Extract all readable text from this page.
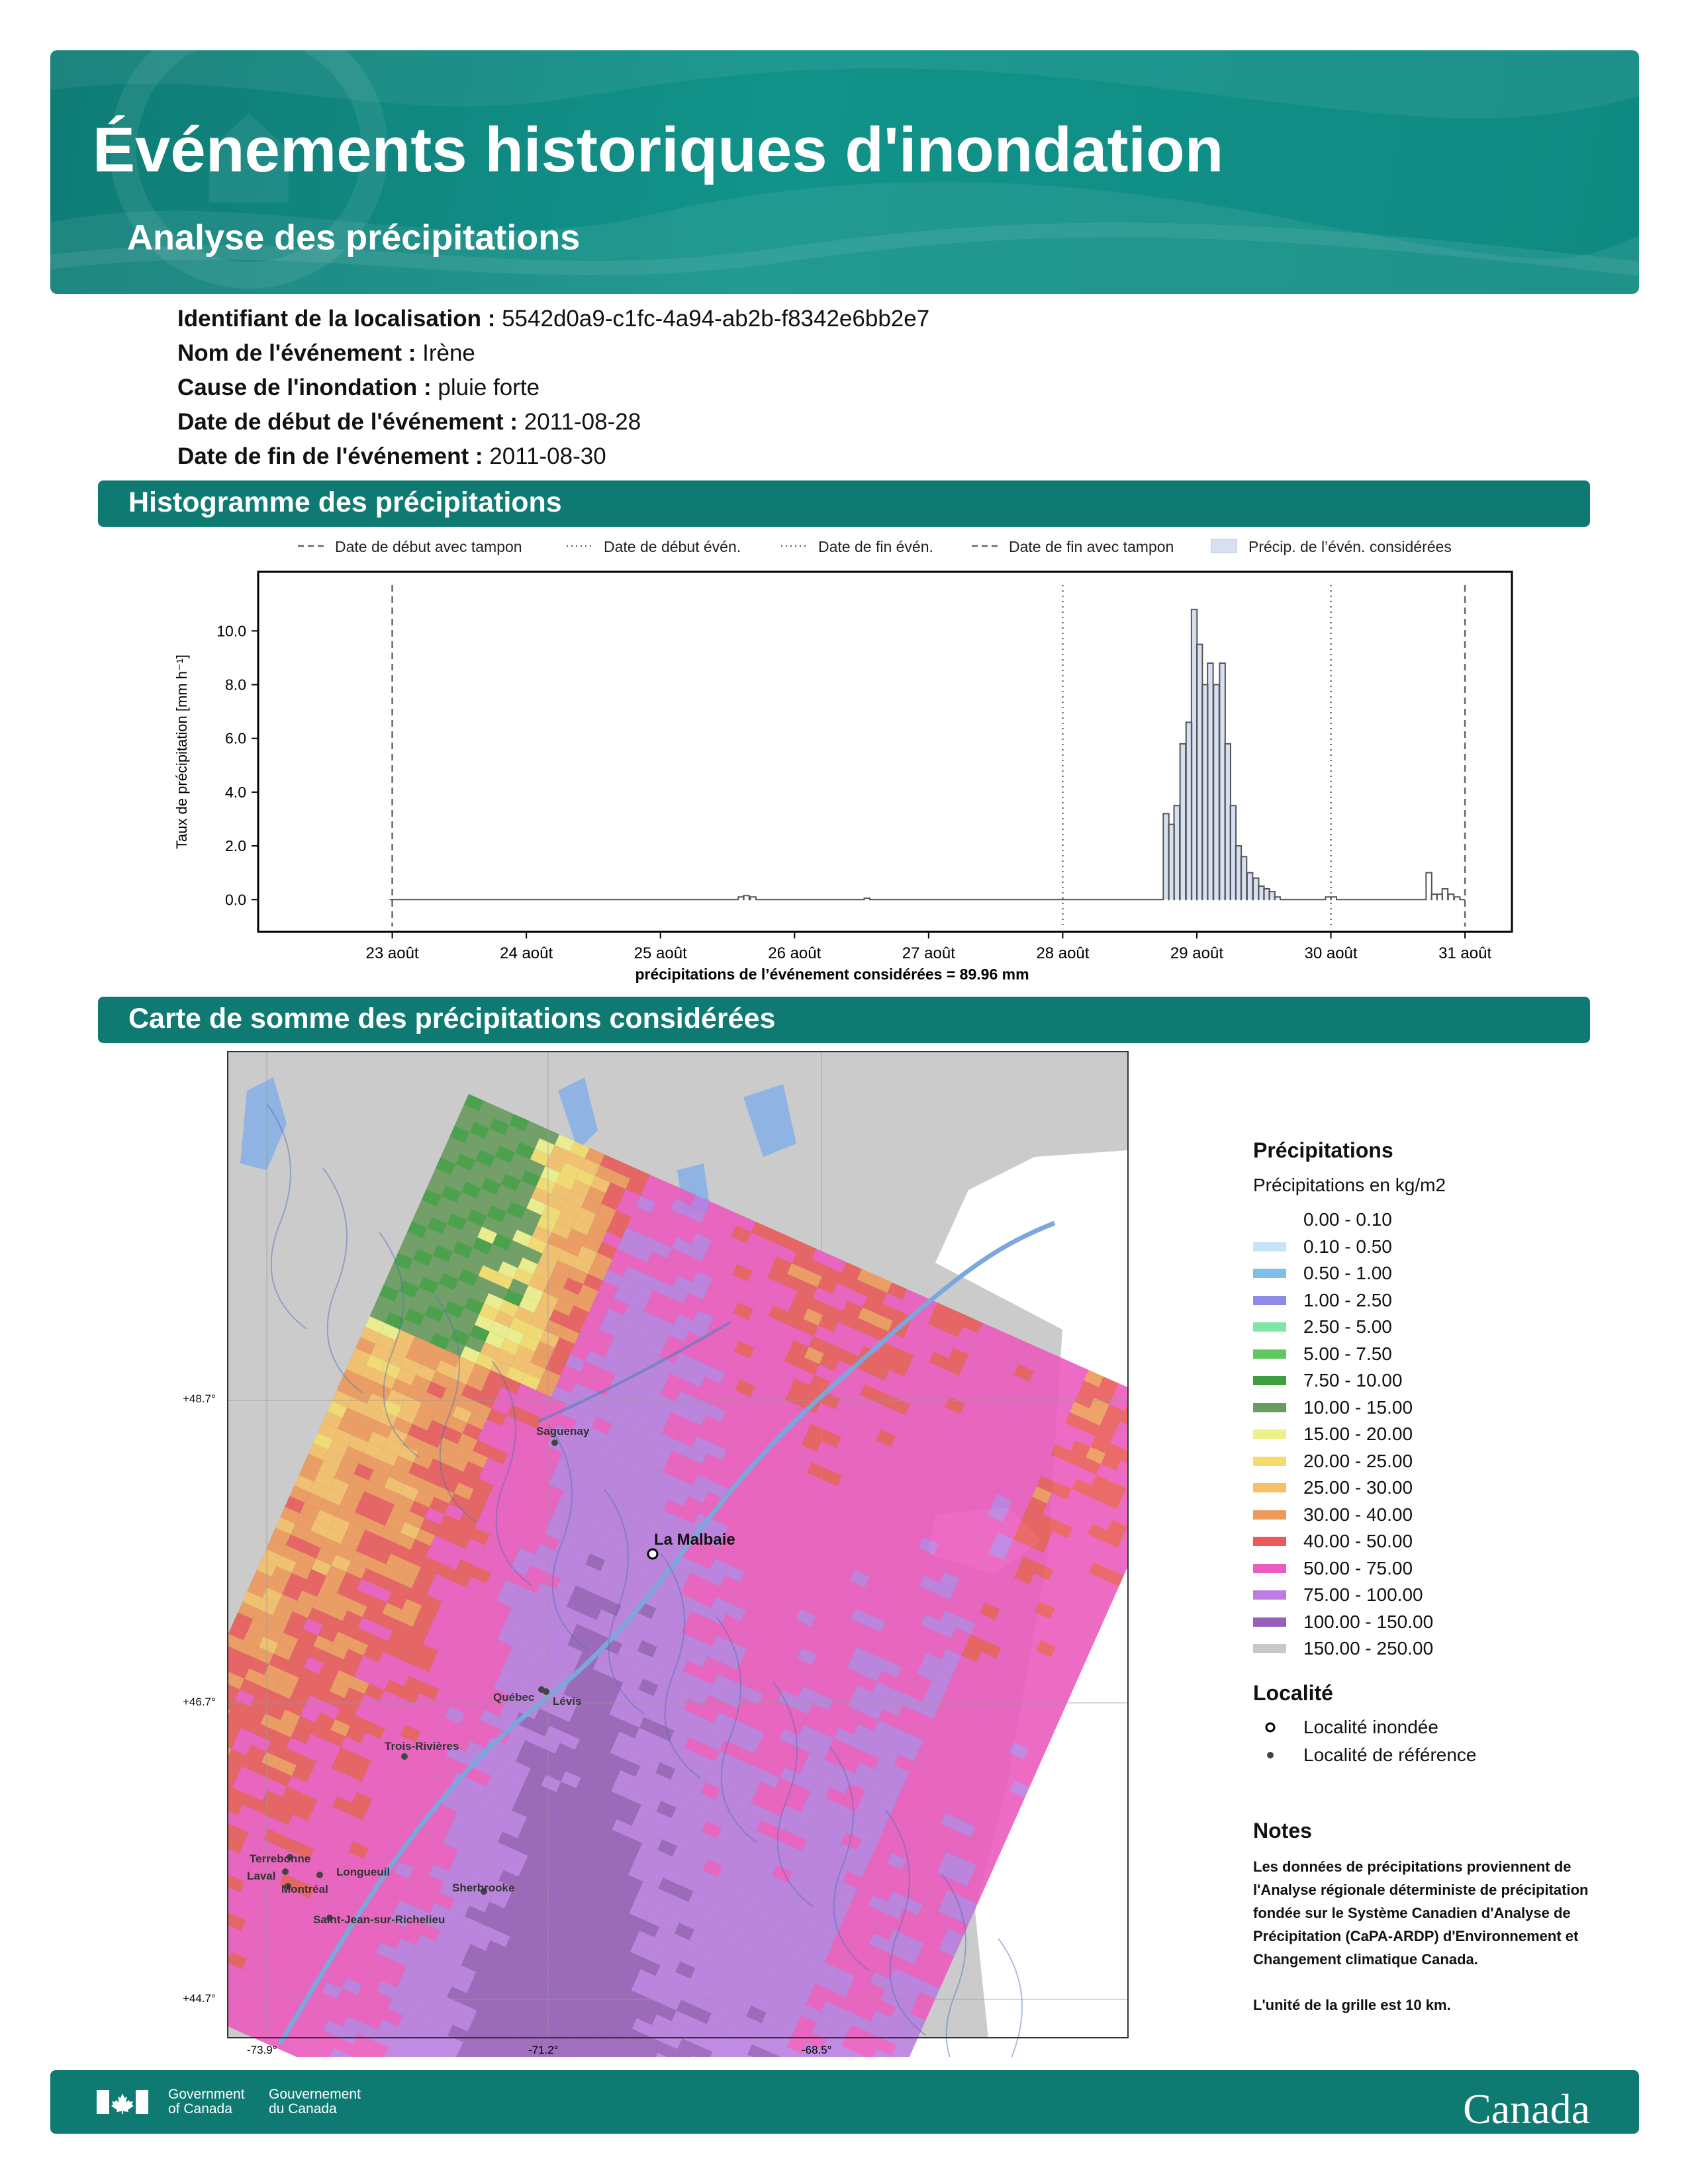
Événements historiques d'inondation
Analyse des précipitations
Identifiant de la localisation : 5542d0a9-c1fc-4a94-ab2b-f8342e6bb2e7
Nom de l'événement : Irène
Cause de l'inondation : pluie forte
Date de début de l'événement : 2011-08-28
Date de fin de l'événement : 2011-08-30
Histogramme des précipitations
Date de début avec tampon	Date de début évén.	Date de fin évén.	Date de fin avec tampon	Précip. de l’évén. considérées
23 août	24 août	25 août	26 août	27 août	28 août	29 août	30 août	31 août
0.0
2.0
4.0
6.0
8.0
10.0
Taux de précipitation [mm h⁻¹]
précipitations de l’événement considérées = 89.96 mm
Carte de somme des précipitations considérées
Saguenay
Québec Lévis
Trois-Rivières
Terrebonne
Laval
Montréal
Longueuil
Sherbrooke
Saint-Jean-sur-Richelieu
La Malbaie
-73.9°	-71.2°	-68.5°
Précipitations
Précipitations en kg/m2
0.00 - 0.10
0.10 - 0.50
0.50 - 1.00
1.00 - 2.50
2.50 - 5.00
5.00 - 7.50
7.50 - 10.00
10.00 - 15.00
15.00 - 20.00
20.00 - 25.00
25.00 - 30.00
30.00 - 40.00
40.00 - 50.00
50.00 - 75.00
75.00 - 100.00
100.00 - 150.00
150.00 - 250.00
Localité
Localité inondée
Localité de référence
Notes

Les données de précipitations proviennent de l'Analyse régionale déterministe de précipitation fondée sur le Système Canadien d'Analyse de Précipitation (CaPA-ARDP) d'Environnement et Changement climatique Canada.

L'unité de la grille est 10 km.

Government of Canada
Gouvernement du Canada	Canada
+48.7°
+46.7°
+44.7°
